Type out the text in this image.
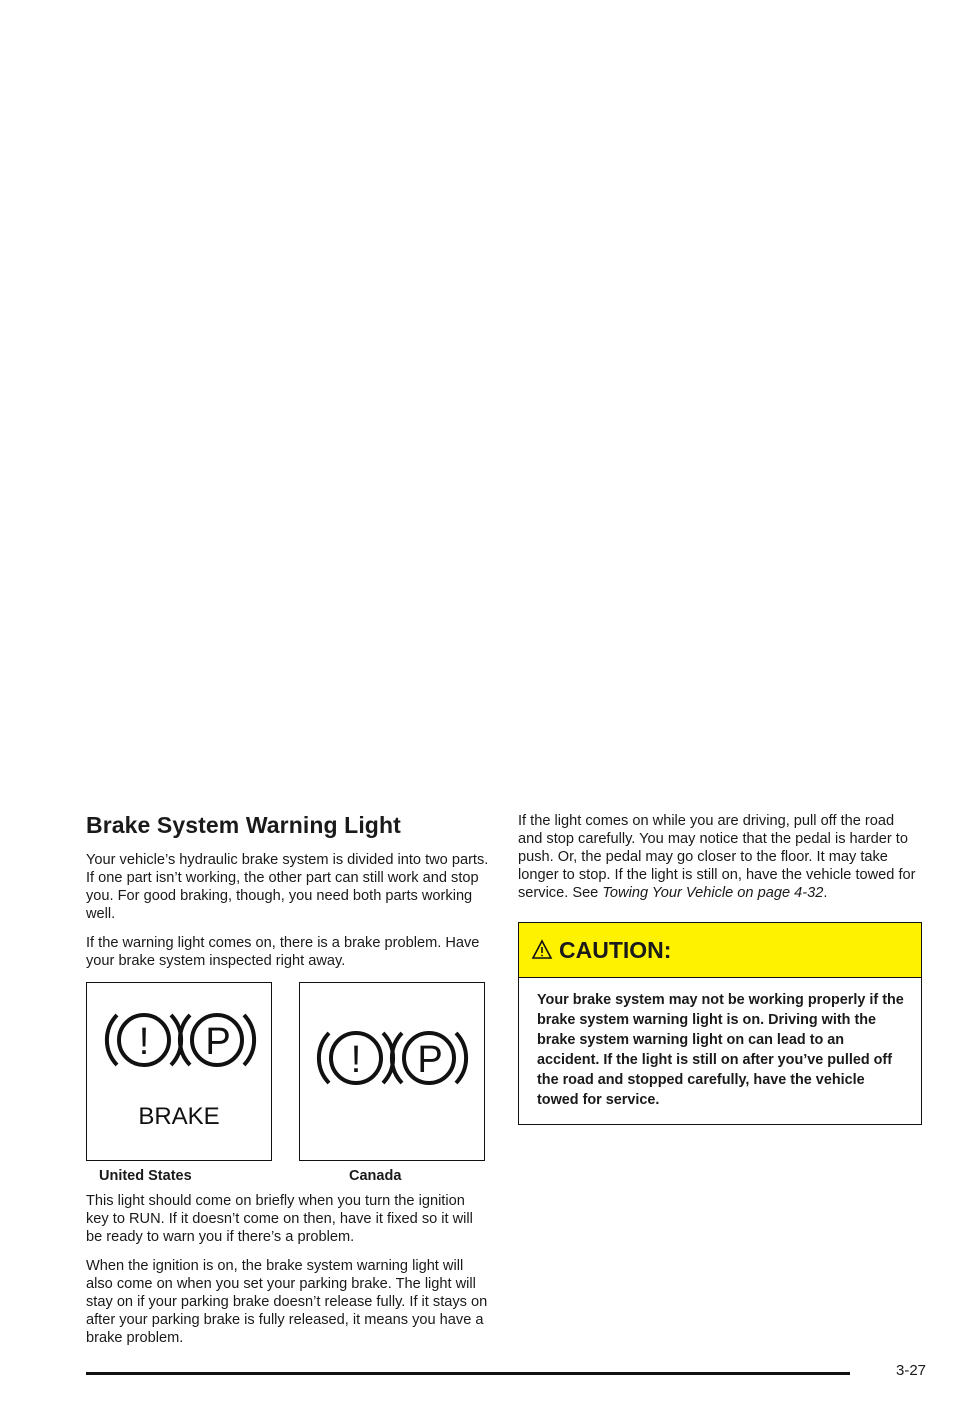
Brake System Warning Light

Your vehicle’s hydraulic brake system is divided into two parts. If one part isn’t working, the other part can still work and stop you. For good braking, though, you need both parts working well.

If the warning light comes on, there is a brake problem. Have your brake system inspected right away.

! P
BRAKE
! P
United States	Canada

This light should come on briefly when you turn the ignition key to RUN. If it doesn’t come on then, have it fixed so it will be ready to warn you if there’s a problem.

When the ignition is on, the brake system warning light will also come on when you set your parking brake. The light will stay on if your parking brake doesn’t release fully. If it stays on after your parking brake is fully released, it means you have a brake problem.

If the light comes on while you are driving, pull off the road and stop carefully. You may notice that the pedal is harder to push. Or, the pedal may go closer to the floor. It may take longer to stop. If the light is still on, have the vehicle towed for service. See Towing Your Vehicle on page 4-32.

CAUTION:
Your brake system may not be working properly if the brake system warning light is on. Driving with the brake system warning light on can lead to an accident. If the light is still on after you’ve pulled off the road and stopped carefully, have the vehicle towed for service.
3-27
